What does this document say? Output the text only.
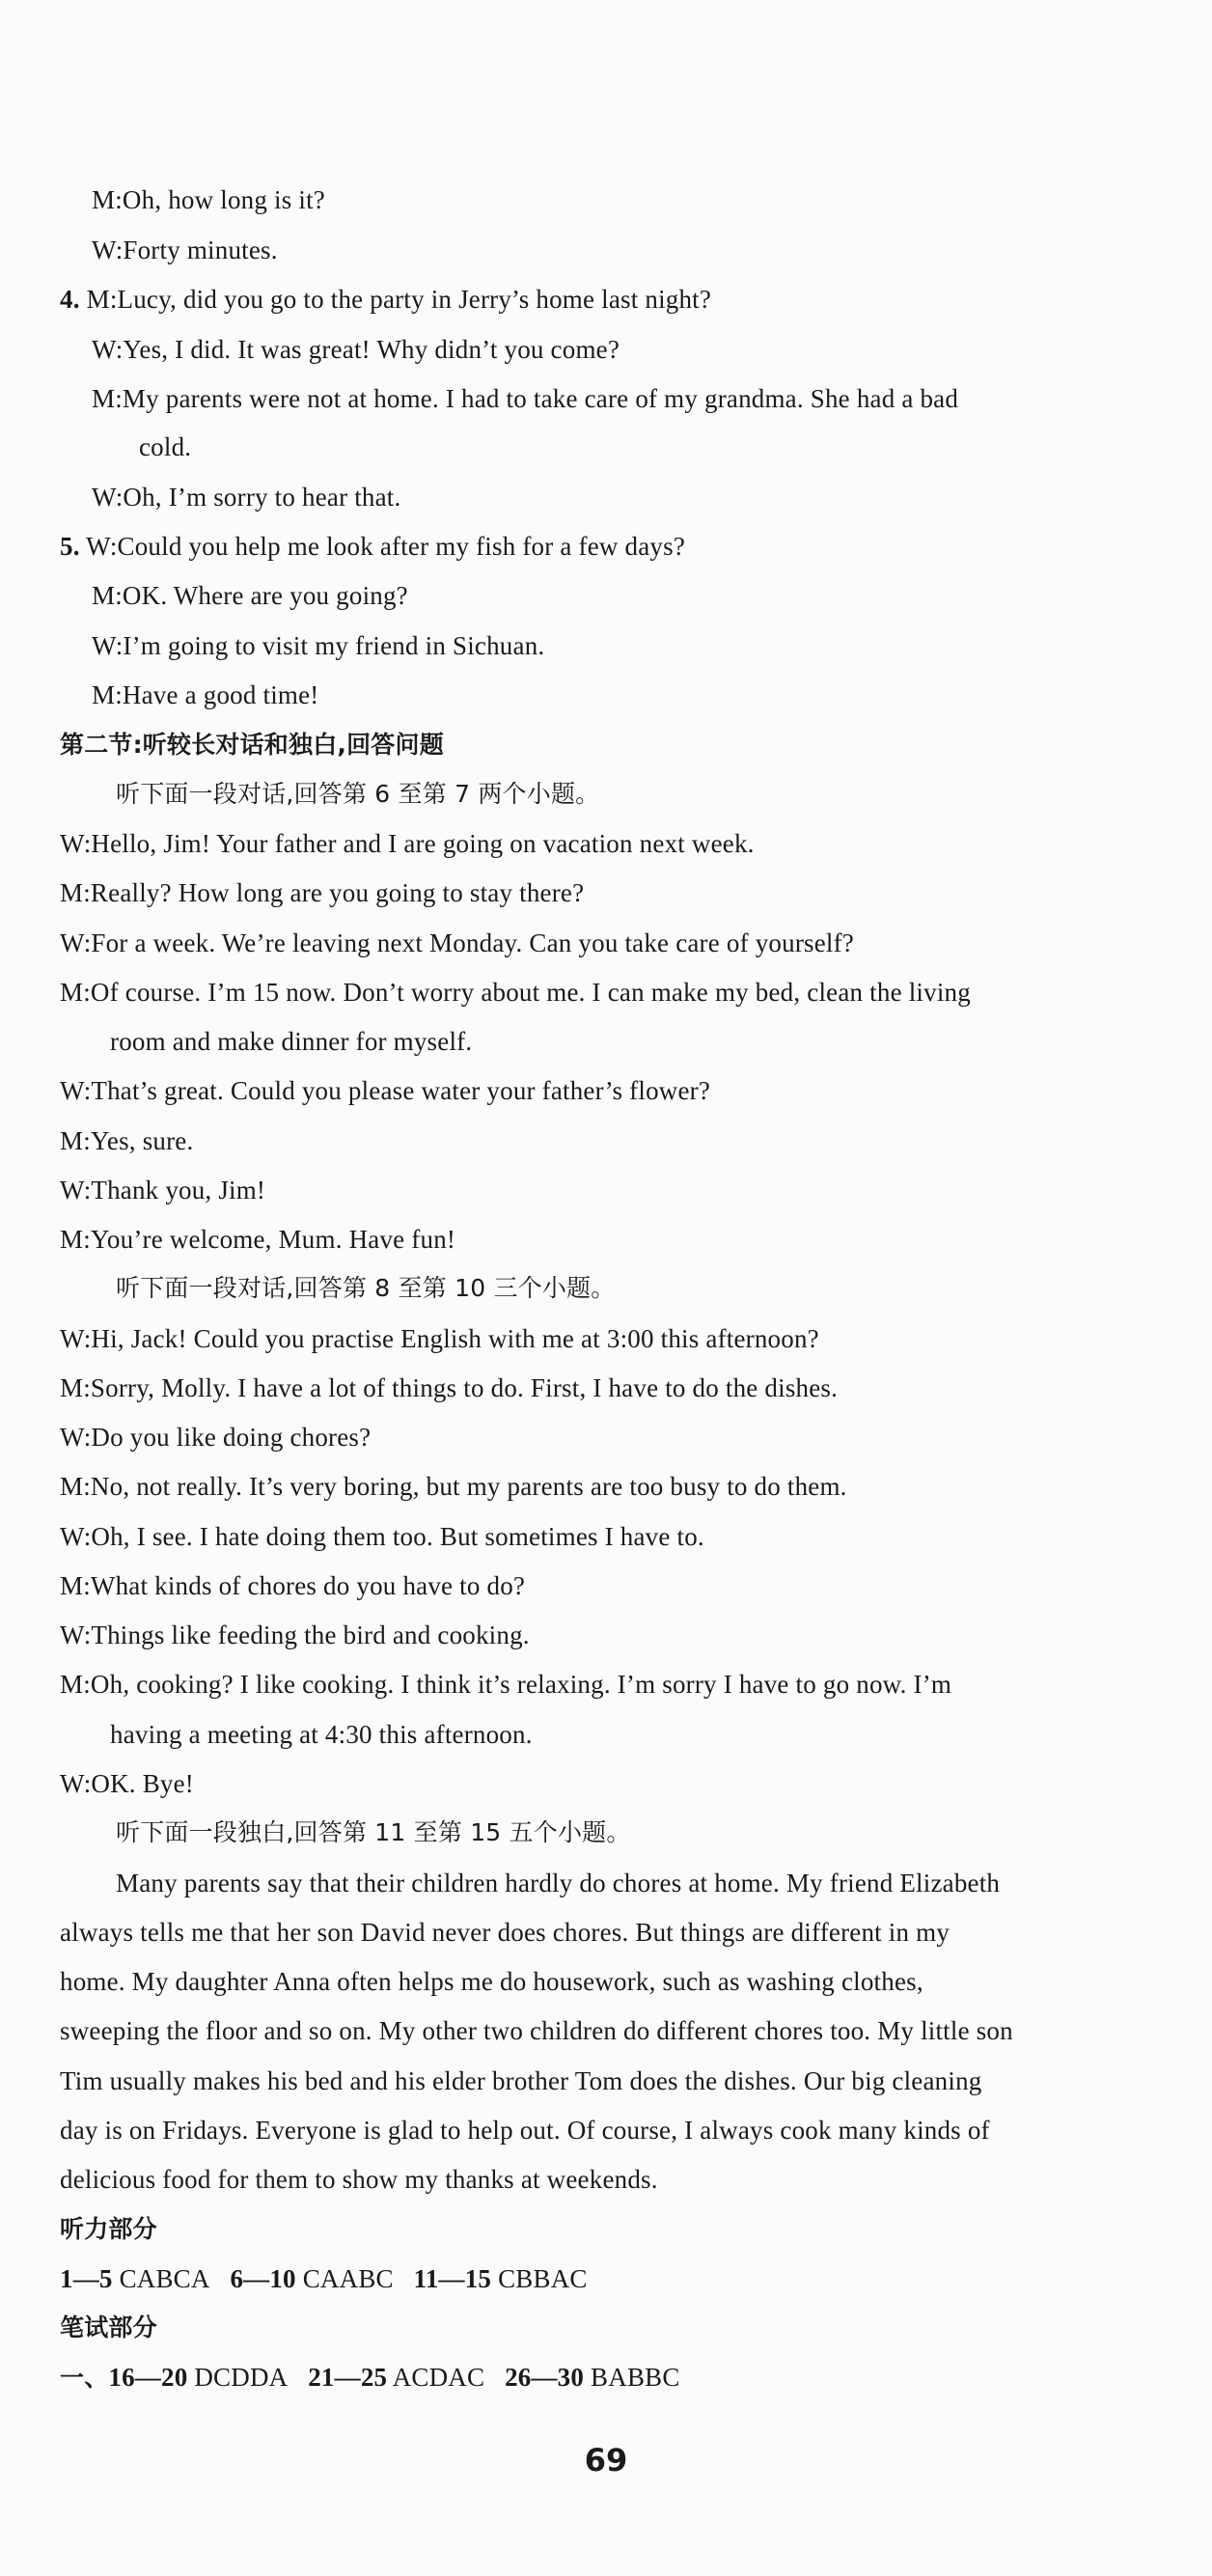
M:Oh, how long is it?
W:Forty minutes.
4. M:Lucy, did you go to the party in Jerry’s home last night?
W:Yes, I did. It was great! Why didn’t you come?
M:My parents were not at home. I had to take care of my grandma. She had a bad
cold.
W:Oh, I’m sorry to hear that.
5. W:Could you help me look after my fish for a few days?
M:OK. Where are you going?
W:I’m going to visit my friend in Sichuan.
M:Have a good time!
第二节:听较长对话和独白,回答问题
听下面一段对话,回答第 6 至第 7 两个小题。
W:Hello, Jim! Your father and I are going on vacation next week.
M:Really? How long are you going to stay there?
W:For a week. We’re leaving next Monday. Can you take care of yourself?
M:Of course. I’m 15 now. Don’t worry about me. I can make my bed, clean the living
room and make dinner for myself.
W:That’s great. Could you please water your father’s flower?
M:Yes, sure.
W:Thank you, Jim!
M:You’re welcome, Mum. Have fun!
听下面一段对话,回答第 8 至第 10 三个小题。
W:Hi, Jack! Could you practise English with me at 3:00 this afternoon?
M:Sorry, Molly. I have a lot of things to do. First, I have to do the dishes.
W:Do you like doing chores?
M:No, not really. It’s very boring, but my parents are too busy to do them.
W:Oh, I see. I hate doing them too. But sometimes I have to.
M:What kinds of chores do you have to do?
W:Things like feeding the bird and cooking.
M:Oh, cooking? I like cooking. I think it’s relaxing. I’m sorry I have to go now. I’m
having a meeting at 4:30 this afternoon.
W:OK. Bye!
听下面一段独白,回答第 11 至第 15 五个小题。
Many parents say that their children hardly do chores at home. My friend Elizabeth
always tells me that her son David never does chores. But things are different in my
home. My daughter Anna often helps me do housework, such as washing clothes,
sweeping the floor and so on. My other two children do different chores too. My little son
Tim usually makes his bed and his elder brother Tom does the dishes. Our big cleaning
day is on Fridays. Everyone is glad to help out. Of course, I always cook many kinds of
delicious food for them to show my thanks at weekends.
听力部分
1—5 CABCA 6—10 CAABC 11—15 CBBAC
笔试部分
一、16—20 DCDDA 21—25 ACDAC 26—30 BABBC
69
